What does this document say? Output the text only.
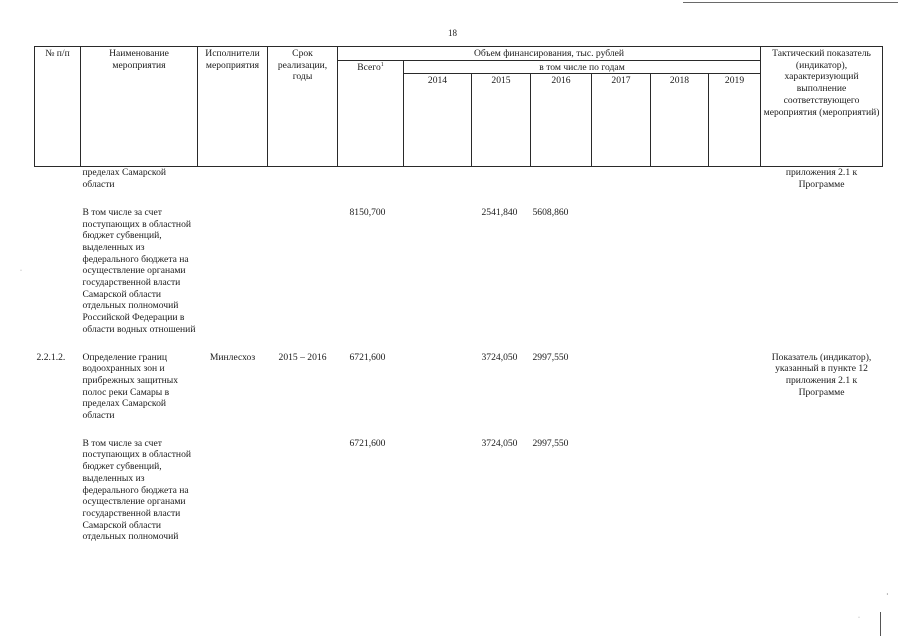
18
№ п/п	Наименование мероприятия	Исполнители мероприятия	Срок реализации, годы	Объем финансирования, тыс. рублей							Тактический показатель (индикатор), характеризующий выполнение соответствующего мероприятия (мероприятий)
				Всего$^1$	в том числе по годам						
					2014	2015	2016	2017	2018	2019	
	пределах Самарской области										приложения 2.1 к Программе

	В том числе за счет поступающих в областной бюджет субвенций, выделенных из федерального бюджета на осуществление органами государственной власти Самарской области отдельных полномочий Российской Федерации в области водных отношений			8150,700		2541,840	5608,860				

2.2.1.2.	Определение границ водоохранных зон и прибрежных защитных полос реки Самары в пределах Самарской области	Минлесхоз	2015 – 2016	6721,600		3724,050	2997,550				Показатель (индикатор), указанный в пункте 12 приложения 2.1 к Программе

	В том числе за счет поступающих в областной бюджет субвенций, выделенных из федерального бюджета на осуществление органами государственной власти Самарской области отдельных полномочий			6721,600		3724,050	2997,550				
·
·
·
